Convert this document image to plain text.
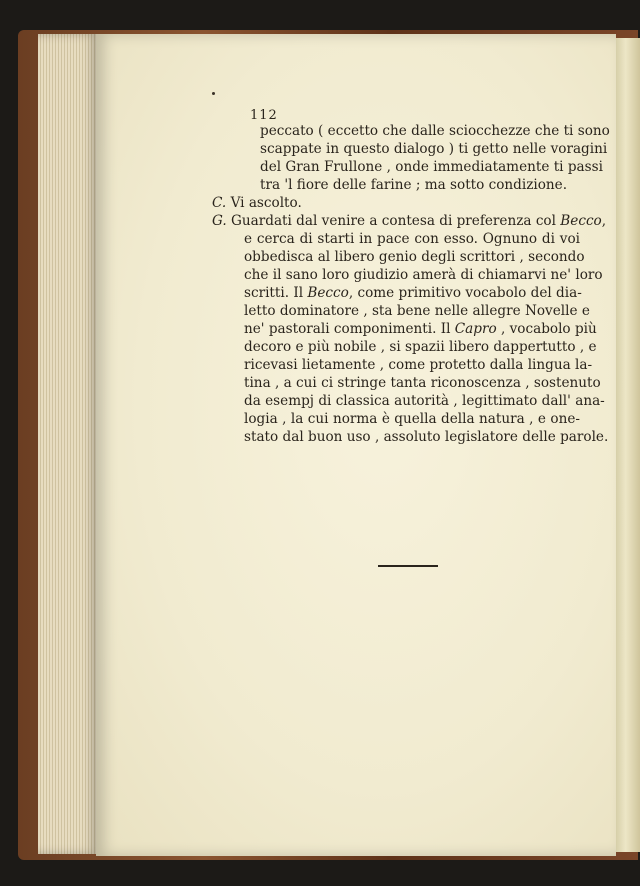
112
peccato ( eccetto che dalle sciocchezze che ti sono
scappate in questo dialogo ) ti getto nelle voragini
del Gran Frullone , onde immediatamente ti passi
tra 'l fiore delle farine ; ma sotto condizione.
C. Vi ascolto.
G. Guardati dal venire a contesa di preferenza col Becco,
e cerca di starti in pace con esso. Ognuno di voi
obbedisca al libero genio degli scrittori , secondo
che il sano loro giudizio amerà di chiamarvi ne' loro
scritti. Il Becco, come primitivo vocabolo del dia-
letto dominatore , sta bene nelle allegre Novelle e
ne' pastorali componimenti. Il Capro , vocabolo più
decoro e più nobile , si spazii libero dappertutto , e
ricevasi lietamente , come protetto dalla lingua la-
tina , a cui ci stringe tanta riconoscenza , sostenuto
da esempj di classica autorità , legittimato dall' ana-
logia , la cui norma è quella della natura , e one-
stato dal buon uso , assoluto legislatore delle parole.
